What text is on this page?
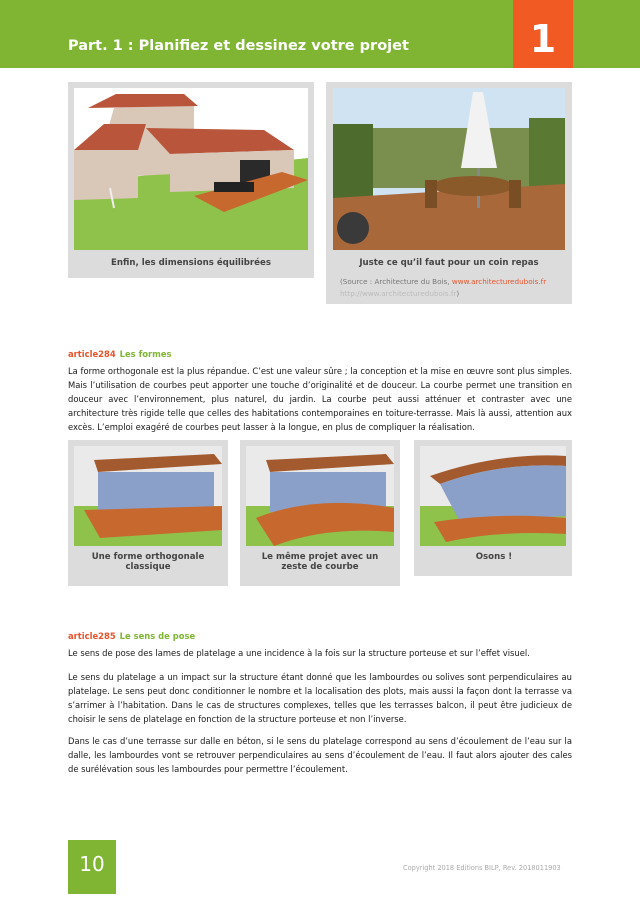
Part. 1 : Planifiez et dessinez votre projet	1
Enfin, les dimensions équilibrées	Juste ce qu’il faut pour un coin repas
(Source : Architecture du Bois, www.architecturedubois.fr
http://www.architecturedubois.fr)
article284 Les formes
La forme orthogonale est la plus répandue. C’est une valeur sûre ; la conception et la mise en œuvre sont plus simples. Mais l’utilisation de courbes peut apporter une touche d’originalité et de douceur. La courbe permet une transition en douceur avec l’environnement, plus naturel, du jardin. La courbe peut aussi atténuer et contraster avec une architecture très rigide telle que celles des habitations contemporaines en toiture-terrasse. Mais là aussi, attention aux excès. L’emploi exagéré de courbes peut lasser à la longue, en plus de compliquer la réalisation.
Une forme orthogonale classique
Le même projet avec un zeste de courbe
Osons !
article285 Le sens de pose
Le sens de pose des lames de platelage a une incidence à la fois sur la structure porteuse et sur l’effet visuel.
Le sens du platelage a un impact sur la structure étant donné que les lambourdes ou solives sont perpendiculaires au platelage. Le sens peut donc conditionner le nombre et la localisation des plots, mais aussi la façon dont la terrasse va s’arrimer à l’habitation. Dans le cas de structures complexes, telles que les terrasses balcon, il peut être judicieux de choisir le sens de platelage en fonction de la structure porteuse et non l’inverse.
Dans le cas d’une terrasse sur dalle en béton, si le sens du platelage correspond au sens d’écoulement de l’eau sur la dalle, les lambourdes vont se retrouver perpendiculaires au sens d’écoulement de l’eau. Il faut alors ajouter des cales de surélévation sous les lambourdes pour permettre l’écoulement.
10	Copyright 2018 Editions BILP, Rev. 2018011903
